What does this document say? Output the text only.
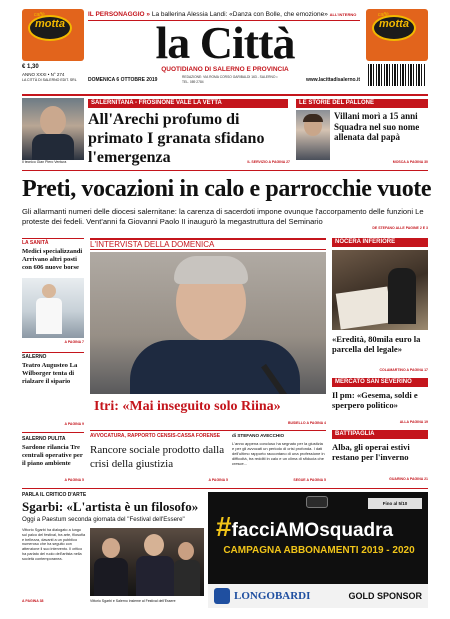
caffè
motta
caffè
motta
IL PERSONAGGIO » La ballerina Alessia Landi: «Danza con Bolle, che emozione» ALL'INTERNO
la Città
QUOTIDIANO DI SALERNO E PROVINCIA
€ 1,30
ANNO XXXI • N° 274
LA CITTÀ DI SALERNO EDIT. SRL	DOMENICA 6 OTTOBRE 2019	REDAZIONE: VIA ROMA CORSO GARIBALDI 163 - SALERNO • TEL. 089 2784	www.lacittadisalerno.it
Il tecnico Gian Piero Ventura
SALERNITANA - FROSINONE VALE LA VETTA
All'Arechi profumo di primato I granata sfidano l'emergenza	IL SERVIZIO A PAGINA 27
LE STORIE DEL PALLONE
Villani morì a 15 anni Squadra nel suo nome allenata dal papà
MOSCA A PAGINA 30
Preti, vocazioni in calo e parrocchie vuote
Gli allarmanti numeri delle diocesi salernitane: la carenza di sacerdoti impone ovunque l'accorpamento delle funzioni Le proteste dei fedeli. Vent'anni fa Giovanni Paolo II inaugurò la megastruttura del Seminario
DE STEFANO ALLE PAGINE 2 E 3
LA SANITÀ
Medici specializzandi Arrivano altri posti con 606 nuove borse
A PAGINA 7
SALERNO
Teatro Augusteo La Wilborger tenta di rialzare il sipario
A PAGINA 9
SALERNO PULITA
Sardone rilancia Tre centrali operative per il piano ambiente
A PAGINA 5
L'INTERVISTA DELLA DOMENICA
Itri: «Mai inseguito solo Riina»
BUSIELLO A PAGINA 4
NOCERA INFERIORE
«Eredità, 80mila euro la parcella del legale»
COLAMARTINO A PAGINA 17
MERCATO SAN SEVERINO
Il pm: «Gesema, soldi e sperpero politico»
ALLA PAGINA 19
BATTIPAGLIA
Alba, gli operai estivi restano per l'inverno
GUARINO A PAGINA 21
AVVOCATURA, RAPPORTO CENSIS-CASSA FORENSE
Rancore sociale prodotto dalla crisi della giustizia
A PAGINA 5
di STEFANO AVECCHIO
L'anno appena concluso ha segnato per la giustizia e per gli avvocati un periodo di crisi profonda. I dati dell'ultimo rapporto raccontano di una professione in difficoltà, tra redditi in calo e un clima di sfiducia che cresce...
SEGUE A PAGINA 5
PARLA IL CRITICO D'ARTE
Sgarbi: «L'artista è un filosofo»
Oggi a Paestum seconda giornata del "Festival dell'Essere"
Vittorio Sgarbi ha dialogato a lungo sul palco del festival, tra arte, filosofia e bellezza, davanti a un pubblico numeroso che ha seguito con attenzione il suo intervento. Il critico ha parlato del ruolo dell'artista nella società contemporanea.
A PAGINA 38	Vittorio Sgarbi e Salerno insieme al Festival dell'Essere
Fino al 5/10
#facciAMOsquadra
CAMPAGNA ABBONAMENTI 2019 - 2020
LONGOBARDI	GOLD SPONSOR
